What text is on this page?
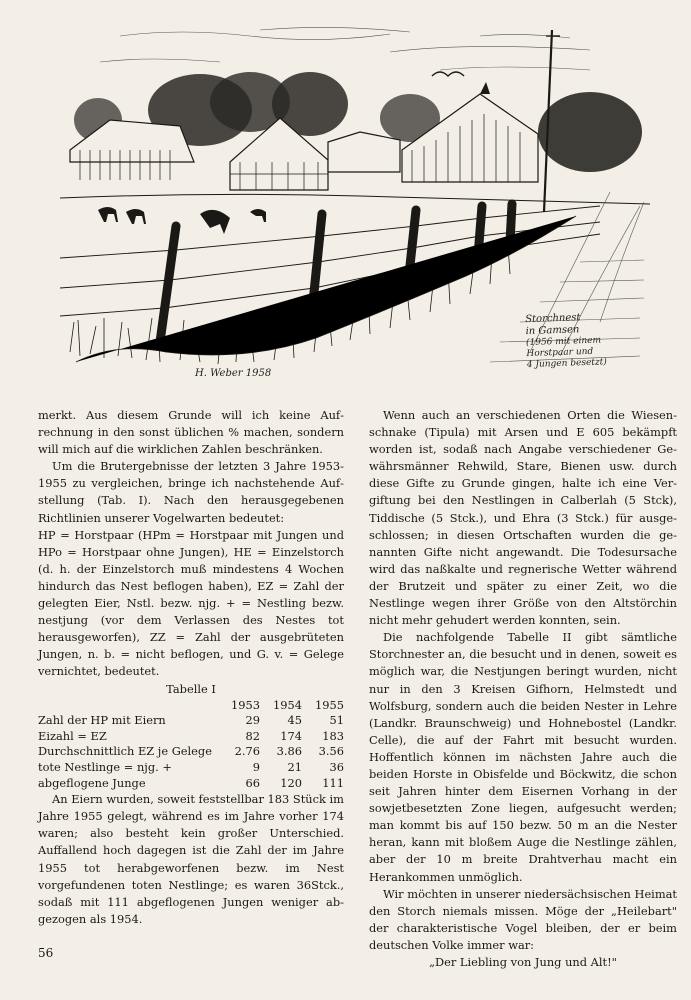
Storchnest
in Gamsen
(1956 mit einem
Horstpaar und
4 Jungen besetzt)
H. Weber 1958

merkt. Aus diesem Grunde will ich keine Aufrechnung in den sonst üblichen % machen, sondern will mich auf die wirklichen Zahlen beschränken.

Um die Brutergebnisse der letzten 3 Jahre 1953-1955 zu vergleichen, bringe ich nachstehende Aufstellung (Tab. I). Nach den herausgegebenen Richtlinien unserer Vogelwarten bedeutet:

HP = Horstpaar (HPm = Horstpaar mit Jungen und HPo = Horstpaar ohne Jungen), HE = Einzelstorch (d. h. der Einzelstorch muß mindestens 4 Wochen hindurch das Nest beflogen haben), EZ = Zahl der gelegten Eier, Nstl. bezw. njg. + = Nestling bezw. nestjung (vor dem Verlassen des Nestes tot herausgeworfen), ZZ = Zahl der ausgebrüteten Jungen, n. b. = nicht beflogen, und G. v. = Gelege vernichtet, bedeutet.

Tabelle I

	1953	1954	1955
Zahl der HP mit Eiern	29	45	51
Eizahl = EZ	82	174	183
Durchschnittlich EZ je Gelege	2.76	3.86	3.56
tote Nestlinge = njg. +	9	21	36
abgeflogene Junge	66	120	111

An Eiern wurden, soweit feststellbar 183 Stück im Jahre 1955 gelegt, während es im Jahre vorher 174 waren; also besteht kein großer Unterschied. Auffallend hoch dagegen ist die Zahl der im Jahre 1955 tot herabgeworfenen bezw. im Nest vorgefundenen toten Nestlinge; es waren 36Stck., sodaß mit 111 abgeflogenen Jungen weniger abgezogen als 1954.

Wenn auch an verschiedenen Orten die Wiesenschnake (Tipula) mit Arsen und E 605 bekämpft worden ist, sodaß nach Angabe verschiedener Gewährsmänner Rehwild, Stare, Bienen usw. durch diese Gifte zu Grunde gingen, halte ich eine Vergiftung bei den Nestlingen in Calberlah (5 Stck), Tiddische (5 Stck.), und Ehra (3 Stck.) für ausgeschlossen; in diesen Ortschaften wurden die genannten Gifte nicht angewandt. Die Todesursache wird das naßkalte und regnerische Wetter während der Brutzeit und später zu einer Zeit, wo die Nestlinge wegen ihrer Größe von den Altstörchin nicht mehr gehudert werden konnten, sein.

Die nachfolgende Tabelle II gibt sämtliche Storchnester an, die besucht und in denen, soweit es möglich war, die Nestjungen beringt wurden, nicht nur in den 3 Kreisen Gifhorn, Helmstedt und Wolfsburg, sondern auch die beiden Nester in Lehre (Landkr. Braunschweig) und Hohnebostel (Landkr. Celle), die auf der Fahrt mit besucht wurden. Hoffentlich können im nächsten Jahre auch die beiden Horste in Obisfelde und Böckwitz, die schon seit Jahren hinter dem Eisernen Vorhang in der sowjetbesetzten Zone liegen, aufgesucht werden; man kommt bis auf 150 bezw. 50 m an die Nester heran, kann mit bloßem Auge die Nestlinge zählen, aber der 10 m breite Drahtverhau macht ein Herankommen unmöglich.

Wir möchten in unserer niedersächsischen Heimat den Storch niemals missen. Möge der „Heilebart" der charakteristische Vogel bleiben, der er beim deutschen Volke immer war:

„Der Liebling von Jung und Alt!"

56
